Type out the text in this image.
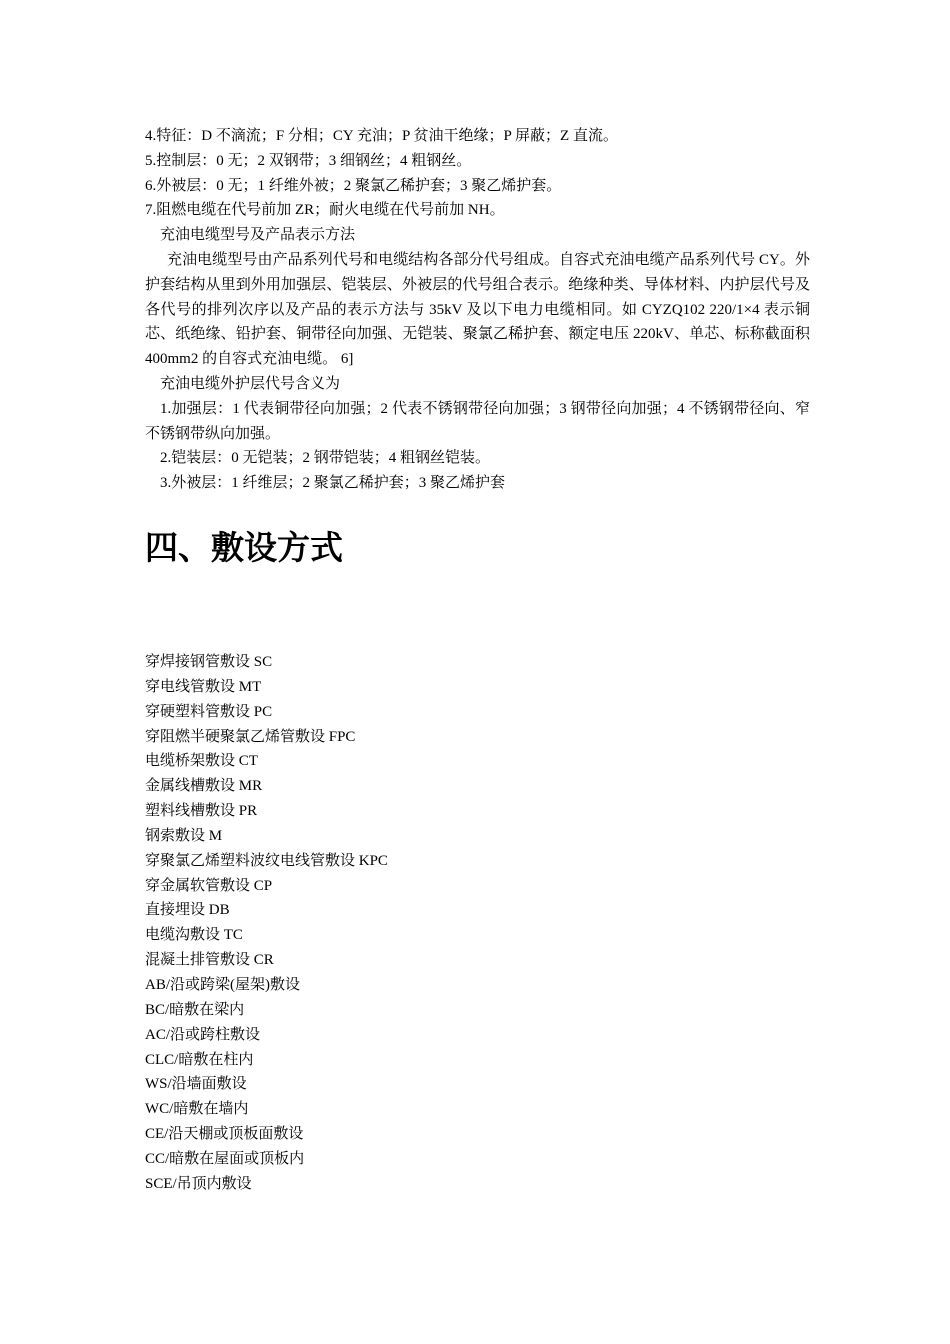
4.特征：D 不滴流；F 分相；CY 充油；P 贫油干绝缘；P 屏蔽；Z 直流。

5.控制层：0 无；2 双钢带；3 细钢丝；4 粗钢丝。

6.外被层：0 无；1 纤维外被；2 聚氯乙稀护套；3 聚乙烯护套。

7.阻燃电缆在代号前加 ZR；耐火电缆在代号前加 NH。

充油电缆型号及产品表示方法

充油电缆型号由产品系列代号和电缆结构各部分代号组成。自容式充油电缆产品系列代号 CY。外护套结构从里到外用加强层、铠装层、外被层的代号组合表示。绝缘种类、导体材料、内护层代号及各代号的排列次序以及产品的表示方法与 35kV 及以下电力电缆相同。如 CYZQ102 220/1×4 表示铜芯、纸绝缘、铅护套、铜带径向加强、无铠装、聚氯乙稀护套、额定电压 220kV、单芯、标称截面积 400mm2 的自容式充油电缆。 6]

充油电缆外护层代号含义为

1.加强层：1 代表铜带径向加强；2 代表不锈钢带径向加强；3 钢带径向加强；4 不锈钢带径向、窄不锈钢带纵向加强。

2.铠装层：0 无铠装；2 钢带铠装；4 粗钢丝铠装。

3.外被层：1 纤维层；2 聚氯乙稀护套；3 聚乙烯护套

四、敷设方式

穿焊接钢管敷设 SC

穿电线管敷设 MT

穿硬塑料管敷设 PC

穿阻燃半硬聚氯乙烯管敷设 FPC

电缆桥架敷设 CT

金属线槽敷设 MR

塑料线槽敷设 PR

钢索敷设 M

穿聚氯乙烯塑料波纹电线管敷设 KPC

穿金属软管敷设 CP

直接埋设 DB

电缆沟敷设 TC

混凝土排管敷设 CR

AB/沿或跨梁(屋架)敷设

BC/暗敷在梁内

AC/沿或跨柱敷设

CLC/暗敷在柱内

WS/沿墙面敷设

WC/暗敷在墙内

CE/沿天棚或顶板面敷设

CC/暗敷在屋面或顶板内

SCE/吊顶内敷设
